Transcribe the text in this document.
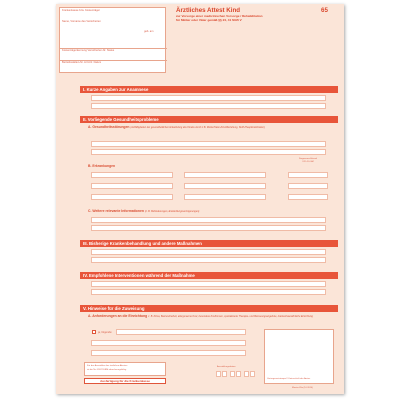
Krankenkasse bzw. Kostenträger
Name, Vorname des Versicherten
geb. am
Kostenträgerkennung Versicherten-Nr. Status
Betriebsstätten-Nr. Arzt-Nr. Datum
Ärztliches Attest Kind	65
zur Vorsorge einer medizinischen Vorsorge / Rehabilitation
für Mütter oder Väter gemäß §§ 24, 41 SGB V
I. Kurze Angaben zur Anamnese
II. Vorliegende Gesundheitsprobleme
A. Gesundheitsstörungen (Auffälligkeiten der gesundheitlichen Entwicklung des Kindes durch z.B. Mutter/Vater-Kind-Beziehung, Stoff-/Hauptkrankheiten)
B. Erkrankungen
Diagnoseschlüssel
ICD-10-GM
C. Weitere relevante Informationen (z. B. Behinderungen, Entwicklungsverzögerungen)
III. Bisherige Krankenbehandlung und andere Maßnahmen
IV. Empfohlene Interventionen während der Maßnahme
V. Hinweise für die Zuweisung
A. Anforderungen an die Einrichtung z. B. Klima, Barrierefreiheit, allergenarme Kost, besondere Kostformen, spezialisierte Therapie- und Betreuungsangebote, krankenhausähnliche Einrichtung
ja, folgende:
Für das Ausstellen des ärztlichen Attestes
ist die Nr. 01622 EBM abrechnungsfähig
Ausfertigung für die Krankenkasse
Ausstellungsdatum
Vertragsarztstempel / Unterschrift des Arztes
Muster 65a (10.2014)
